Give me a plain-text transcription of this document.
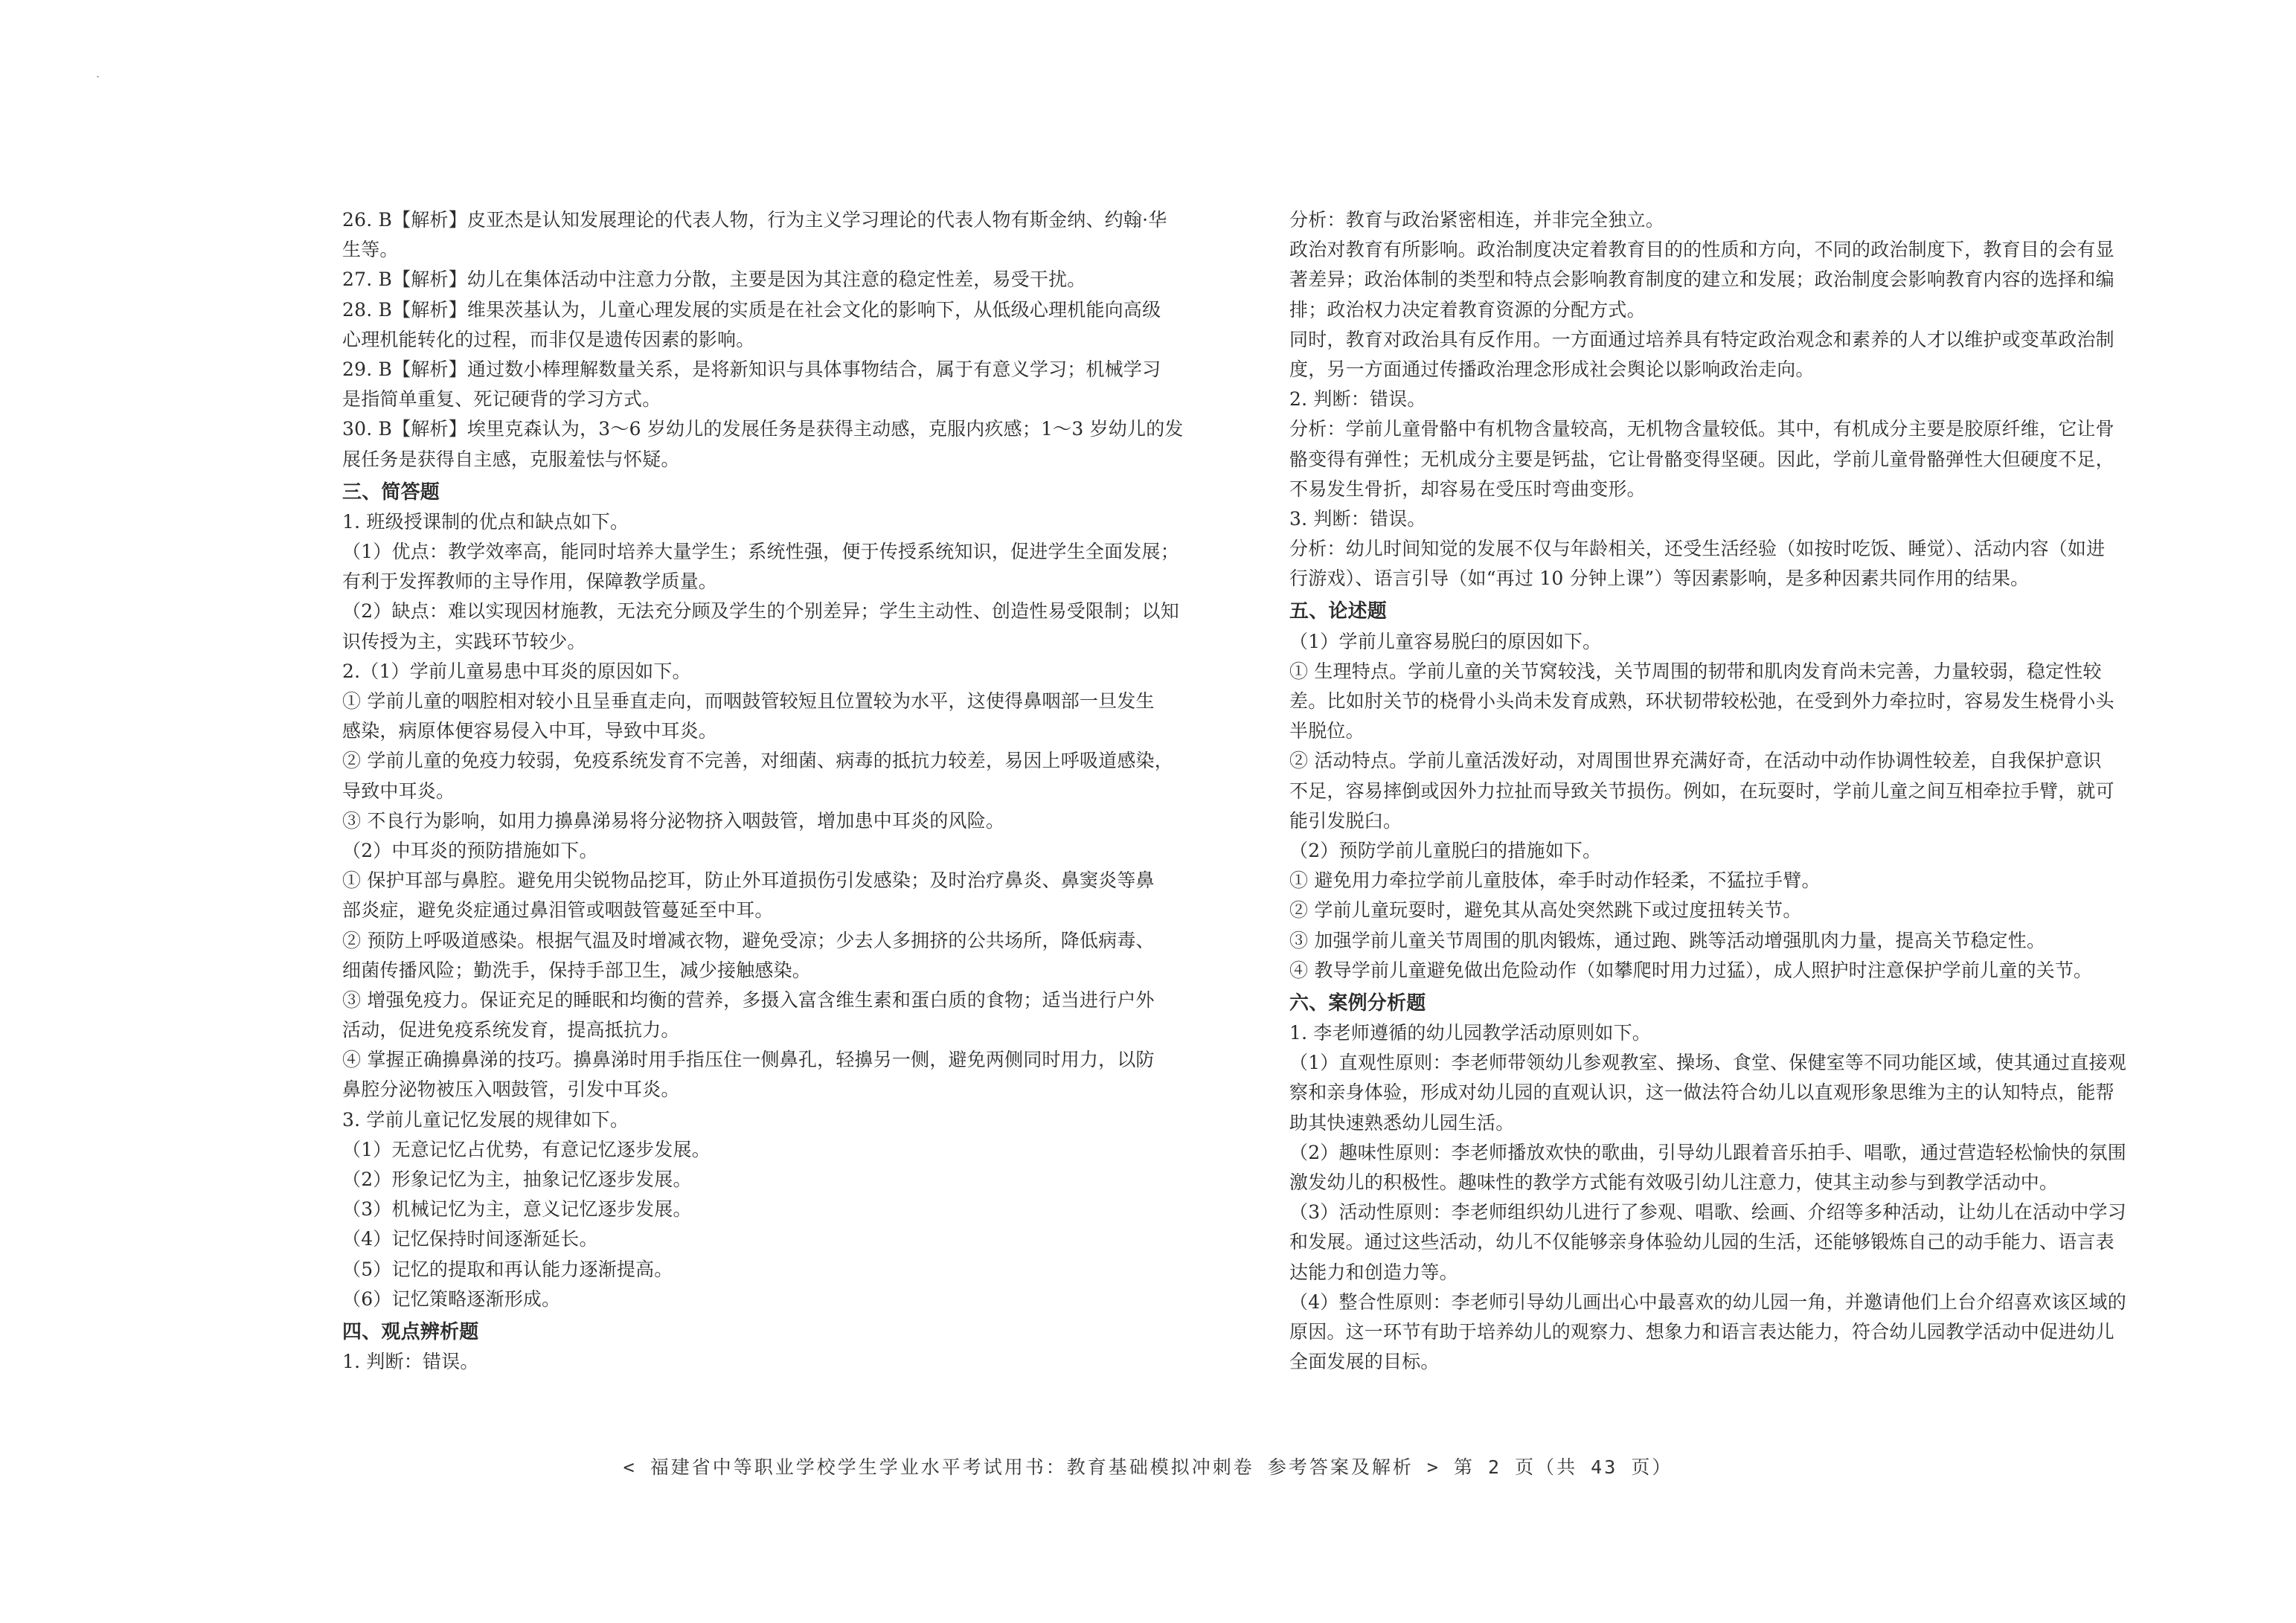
26. B【解析】皮亚杰是认知发展理论的代表人物，行为主义学习理论的代表人物有斯金纳、约翰·华
生等。
27. B【解析】幼儿在集体活动中注意力分散，主要是因为其注意的稳定性差，易受干扰。
28. B【解析】维果茨基认为，儿童心理发展的实质是在社会文化的影响下，从低级心理机能向高级
心理机能转化的过程，而非仅是遗传因素的影响。
29. B【解析】通过数小棒理解数量关系，是将新知识与具体事物结合，属于有意义学习；机械学习
是指简单重复、死记硬背的学习方式。
30. B【解析】埃里克森认为，3～6 岁幼儿的发展任务是获得主动感，克服内疚感；1～3 岁幼儿的发
展任务是获得自主感，克服羞怯与怀疑。
三、简答题
1. 班级授课制的优点和缺点如下。
（1）优点：教学效率高，能同时培养大量学生；系统性强，便于传授系统知识，促进学生全面发展；
有利于发挥教师的主导作用，保障教学质量。
（2）缺点：难以实现因材施教，无法充分顾及学生的个别差异；学生主动性、创造性易受限制；以知
识传授为主，实践环节较少。
2.（1）学前儿童易患中耳炎的原因如下。
① 学前儿童的咽腔相对较小且呈垂直走向，而咽鼓管较短且位置较为水平，这使得鼻咽部一旦发生
感染，病原体便容易侵入中耳，导致中耳炎。
② 学前儿童的免疫力较弱，免疫系统发育不完善，对细菌、病毒的抵抗力较差，易因上呼吸道感染，
导致中耳炎。
③ 不良行为影响，如用力擤鼻涕易将分泌物挤入咽鼓管，增加患中耳炎的风险。
（2）中耳炎的预防措施如下。
① 保护耳部与鼻腔。避免用尖锐物品挖耳，防止外耳道损伤引发感染；及时治疗鼻炎、鼻窦炎等鼻
部炎症，避免炎症通过鼻泪管或咽鼓管蔓延至中耳。
② 预防上呼吸道感染。根据气温及时增减衣物，避免受凉；少去人多拥挤的公共场所，降低病毒、
细菌传播风险；勤洗手，保持手部卫生，减少接触感染。
③ 增强免疫力。保证充足的睡眠和均衡的营养，多摄入富含维生素和蛋白质的食物；适当进行户外
活动，促进免疫系统发育，提高抵抗力。
④ 掌握正确擤鼻涕的技巧。擤鼻涕时用手指压住一侧鼻孔，轻擤另一侧，避免两侧同时用力，以防
鼻腔分泌物被压入咽鼓管，引发中耳炎。
3. 学前儿童记忆发展的规律如下。
（1）无意记忆占优势，有意记忆逐步发展。
（2）形象记忆为主，抽象记忆逐步发展。
（3）机械记忆为主，意义记忆逐步发展。
（4）记忆保持时间逐渐延长。
（5）记忆的提取和再认能力逐渐提高。
（6）记忆策略逐渐形成。
四、观点辨析题
1. 判断：错误。
分析：教育与政治紧密相连，并非完全独立。
政治对教育有所影响。政治制度决定着教育目的的性质和方向，不同的政治制度下，教育目的会有显
著差异；政治体制的类型和特点会影响教育制度的建立和发展；政治制度会影响教育内容的选择和编
排；政治权力决定着教育资源的分配方式。
同时，教育对政治具有反作用。一方面通过培养具有特定政治观念和素养的人才以维护或变革政治制
度，另一方面通过传播政治理念形成社会舆论以影响政治走向。
2. 判断：错误。
分析：学前儿童骨骼中有机物含量较高，无机物含量较低。其中，有机成分主要是胶原纤维，它让骨
骼变得有弹性；无机成分主要是钙盐，它让骨骼变得坚硬。因此，学前儿童骨骼弹性大但硬度不足，
不易发生骨折，却容易在受压时弯曲变形。
3. 判断：错误。
分析：幼儿时间知觉的发展不仅与年龄相关，还受生活经验（如按时吃饭、睡觉）、活动内容（如进
行游戏）、语言引导（如“再过 10 分钟上课”）等因素影响，是多种因素共同作用的结果。
五、论述题
（1）学前儿童容易脱臼的原因如下。
① 生理特点。学前儿童的关节窝较浅，关节周围的韧带和肌肉发育尚未完善，力量较弱，稳定性较
差。比如肘关节的桡骨小头尚未发育成熟，环状韧带较松弛，在受到外力牵拉时，容易发生桡骨小头
半脱位。
② 活动特点。学前儿童活泼好动，对周围世界充满好奇，在活动中动作协调性较差，自我保护意识
不足，容易摔倒或因外力拉扯而导致关节损伤。例如，在玩耍时，学前儿童之间互相牵拉手臂，就可
能引发脱臼。
（2）预防学前儿童脱臼的措施如下。
① 避免用力牵拉学前儿童肢体，牵手时动作轻柔，不猛拉手臂。
② 学前儿童玩耍时，避免其从高处突然跳下或过度扭转关节。
③ 加强学前儿童关节周围的肌肉锻炼，通过跑、跳等活动增强肌肉力量，提高关节稳定性。
④ 教导学前儿童避免做出危险动作（如攀爬时用力过猛），成人照护时注意保护学前儿童的关节。
六、案例分析题
1. 李老师遵循的幼儿园教学活动原则如下。
（1）直观性原则：李老师带领幼儿参观教室、操场、食堂、保健室等不同功能区域，使其通过直接观
察和亲身体验，形成对幼儿园的直观认识，这一做法符合幼儿以直观形象思维为主的认知特点，能帮
助其快速熟悉幼儿园生活。
（2）趣味性原则：李老师播放欢快的歌曲，引导幼儿跟着音乐拍手、唱歌，通过营造轻松愉快的氛围
激发幼儿的积极性。趣味性的教学方式能有效吸引幼儿注意力，使其主动参与到教学活动中。
（3）活动性原则：李老师组织幼儿进行了参观、唱歌、绘画、介绍等多种活动，让幼儿在活动中学习
和发展。通过这些活动，幼儿不仅能够亲身体验幼儿园的生活，还能够锻炼自己的动手能力、语言表
达能力和创造力等。
（4）整合性原则：李老师引导幼儿画出心中最喜欢的幼儿园一角，并邀请他们上台介绍喜欢该区域的
原因。这一环节有助于培养幼儿的观察力、想象力和语言表达能力，符合幼儿园教学活动中促进幼儿
全面发展的目标。
< 福建省中等职业学校学生学业水平考试用书：教育基础模拟冲刺卷 参考答案及解析 > 第 2 页（共 43 页）
